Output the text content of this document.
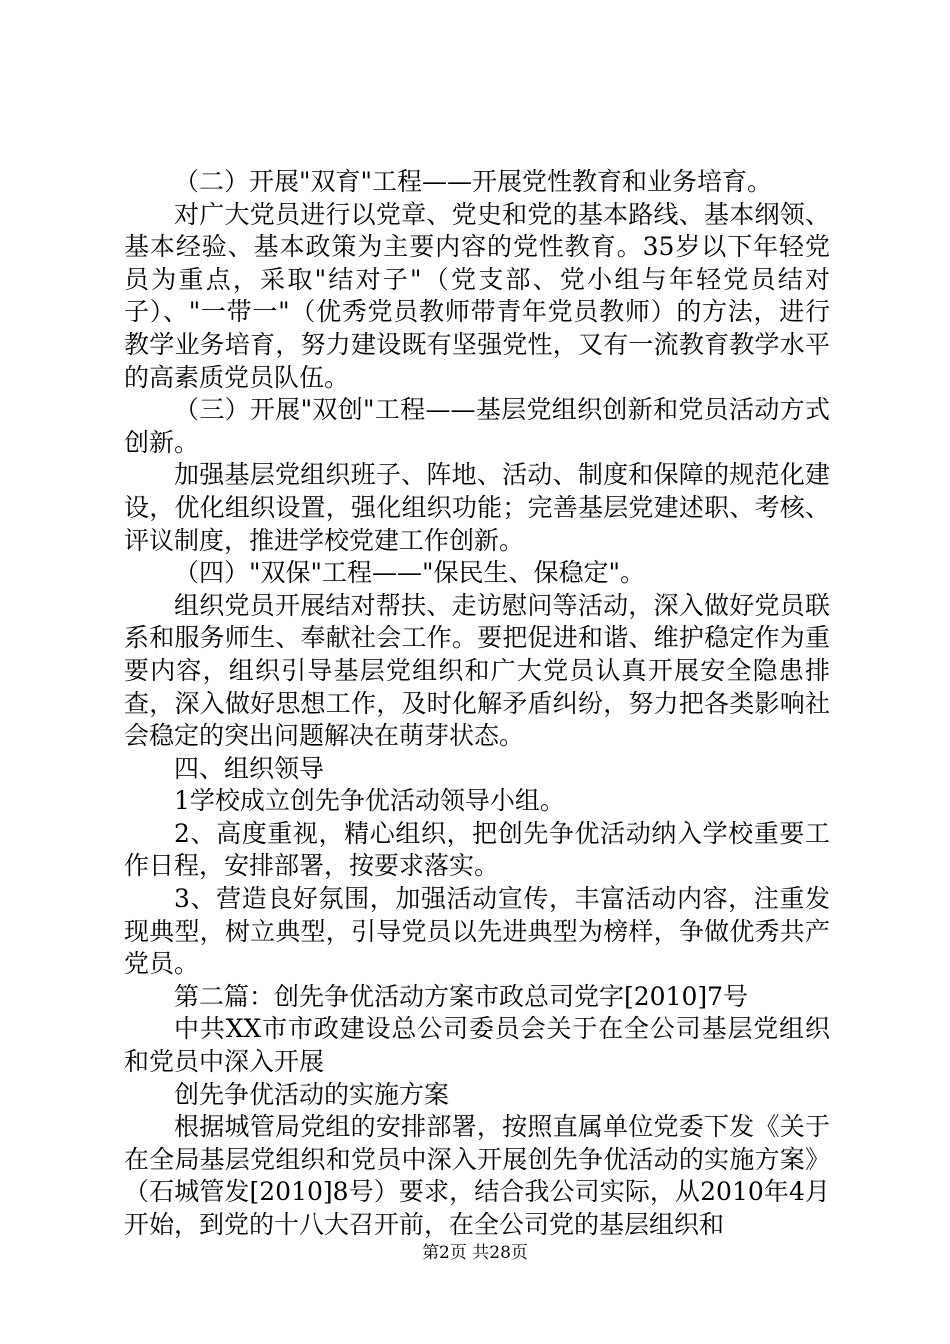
（二）开展"双育"工程——开展党性教育和业务培育。

对广大党员进行以党章、党史和党的基本路线、基本纲领、基本经验、基本政策为主要内容的党性教育。35岁以下年轻党员为重点，采取"结对子"（党支部、党小组与年轻党员结对子）、"一带一"（优秀党员教师带青年党员教师）的方法，进行教学业务培育，努力建设既有坚强党性，又有一流教育教学水平的高素质党员队伍。

（三）开展"双创"工程——基层党组织创新和党员活动方式创新。

加强基层党组织班子、阵地、活动、制度和保障的规范化建设，优化组织设置，强化组织功能；完善基层党建述职、考核、评议制度，推进学校党建工作创新。

（四）"双保"工程——"保民生、保稳定"。

组织党员开展结对帮扶、走访慰问等活动，深入做好党员联系和服务师生、奉献社会工作。要把促进和谐、维护稳定作为重要内容，组织引导基层党组织和广大党员认真开展安全隐患排查，深入做好思想工作，及时化解矛盾纠纷，努力把各类影响社会稳定的突出问题解决在萌芽状态。

四、组织领导

1学校成立创先争优活动领导小组。

2、高度重视，精心组织，把创先争优活动纳入学校重要工作日程，安排部署，按要求落实。

3、营造良好氛围，加强活动宣传，丰富活动内容，注重发现典型，树立典型，引导党员以先进典型为榜样，争做优秀共产党员。

第二篇：创先争优活动方案市政总司党字[2010]7号

中共XX市市政建设总公司委员会关于在全公司基层党组织和党员中深入开展

创先争优活动的实施方案

根据城管局党组的安排部署，按照直属单位党委下发《关于在全局基层党组织和党员中深入开展创先争优活动的实施方案》（石城管发[2010]8号）要求，结合我公司实际，从2010年4月开始，到党的十八大召开前，在全公司党的基层组织和

第2页 共28页
